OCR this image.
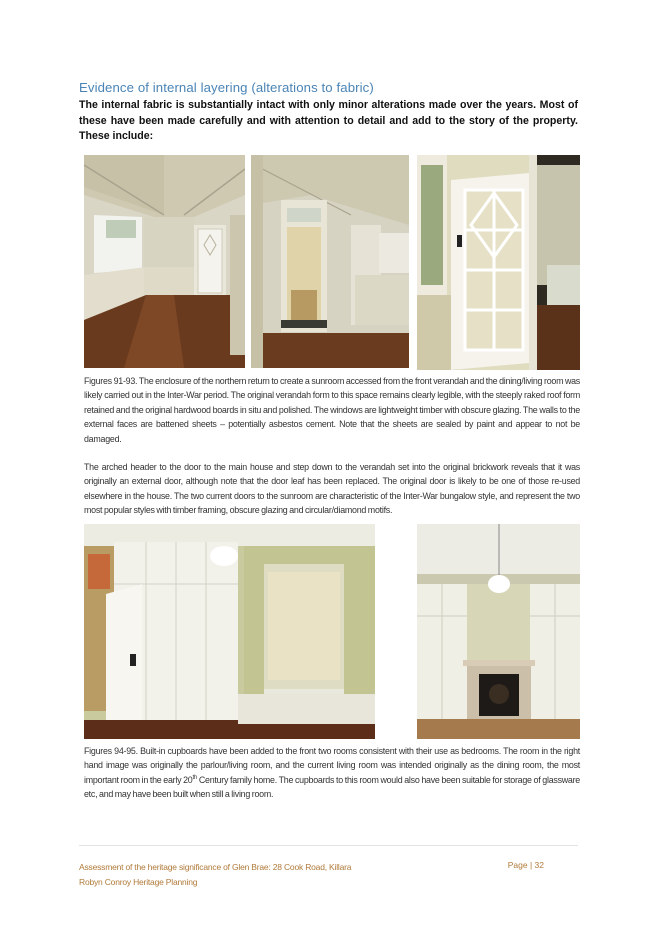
Evidence of internal layering (alterations to fabric)
The internal fabric is substantially intact with only minor alterations made over the years. Most of these have been made carefully and with attention to detail and add to the story of the property. These include:

Figures 91-93. The enclosure of the northern return to create a sunroom accessed from the front verandah and the dining/living room was likely carried out in the Inter-War period. The original verandah form to this space remains clearly legible, with the steeply raked roof form retained and the original hardwood boards in situ and polished. The windows are lightweight timber with obscure glazing. The walls to the external faces are battened sheets – potentially asbestos cement. Note that the sheets are sealed by paint and appear to not be damaged.

The arched header to the door to the main house and step down to the verandah set into the original brickwork reveals that it was originally an external door, although note that the door leaf has been replaced. The original door is likely to be one of those re-used elsewhere in the house. The two current doors to the sunroom are characteristic of the Inter-War bungalow style, and represent the two most popular styles with timber framing, obscure glazing and circular/diamond motifs.

Figures 94-95. Built-in cupboards have been added to the front two rooms consistent with their use as bedrooms. The room in the right hand image was originally the parlour/living room, and the current living room was intended originally as the dining room, the most important room in the early 20th Century family home. The cupboards to this room would also have been suitable for storage of glassware etc, and may have been built when still a living room.

Assessment of the heritage significance of Glen Brae: 28 Cook Road, Killara
Robyn Conroy Heritage Planning
Page | 32
